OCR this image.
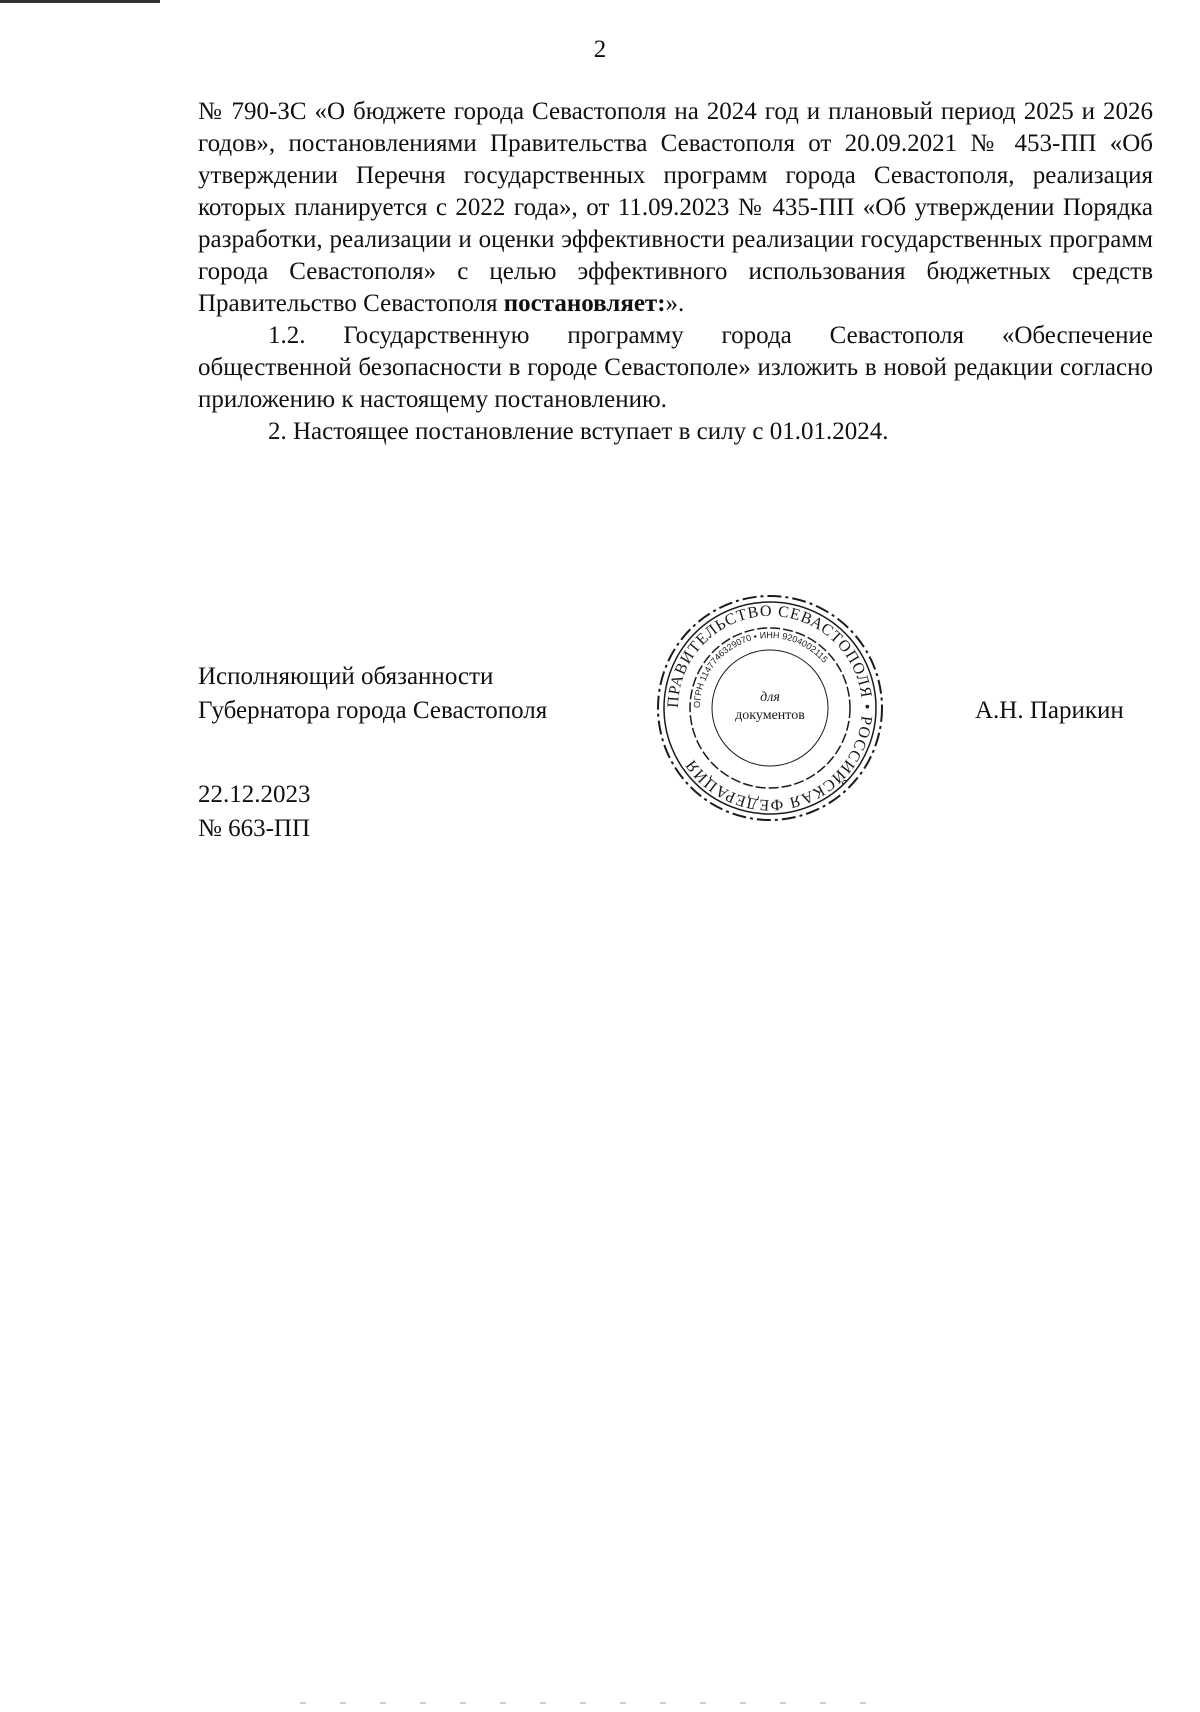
2

№ 790-ЗС «О бюджете города Севастополя на 2024 год и плановый период 2025 и 2026 годов», постановлениями Правительства Севастополя от 20.09.2021 № 453-ПП «Об утверждении Перечня государственных программ города Севастополя, реализация которых планируется с 2022 года», от 11.09.2023 № 435-ПП «Об утверждении Порядка разработки, реализации и оценки эффективности реализации государственных программ города Севастополя» с целью эффективного использования бюджетных средств Правительство Севастополя постановляет:».

1.2. Государственную программу города Севастополя «Обеспечение общественной безопасности в городе Севастополе» изложить в новой редакции согласно приложению к настоящему постановлению.

2. Настоящее постановление вступает в силу с 01.01.2024.

Исполняющий обязанности
Губернатора города Севастополя	ПРАВИТЕЛЬСТВО СЕВАСТОПОЛЯ • РОССИЙСКАЯ ФЕДЕРАЦИЯ
ОГРН 1147746329070 • ИНН 9204002115
для
документов	А.Н. Парикин
22.12.2023
№ 663-ПП
